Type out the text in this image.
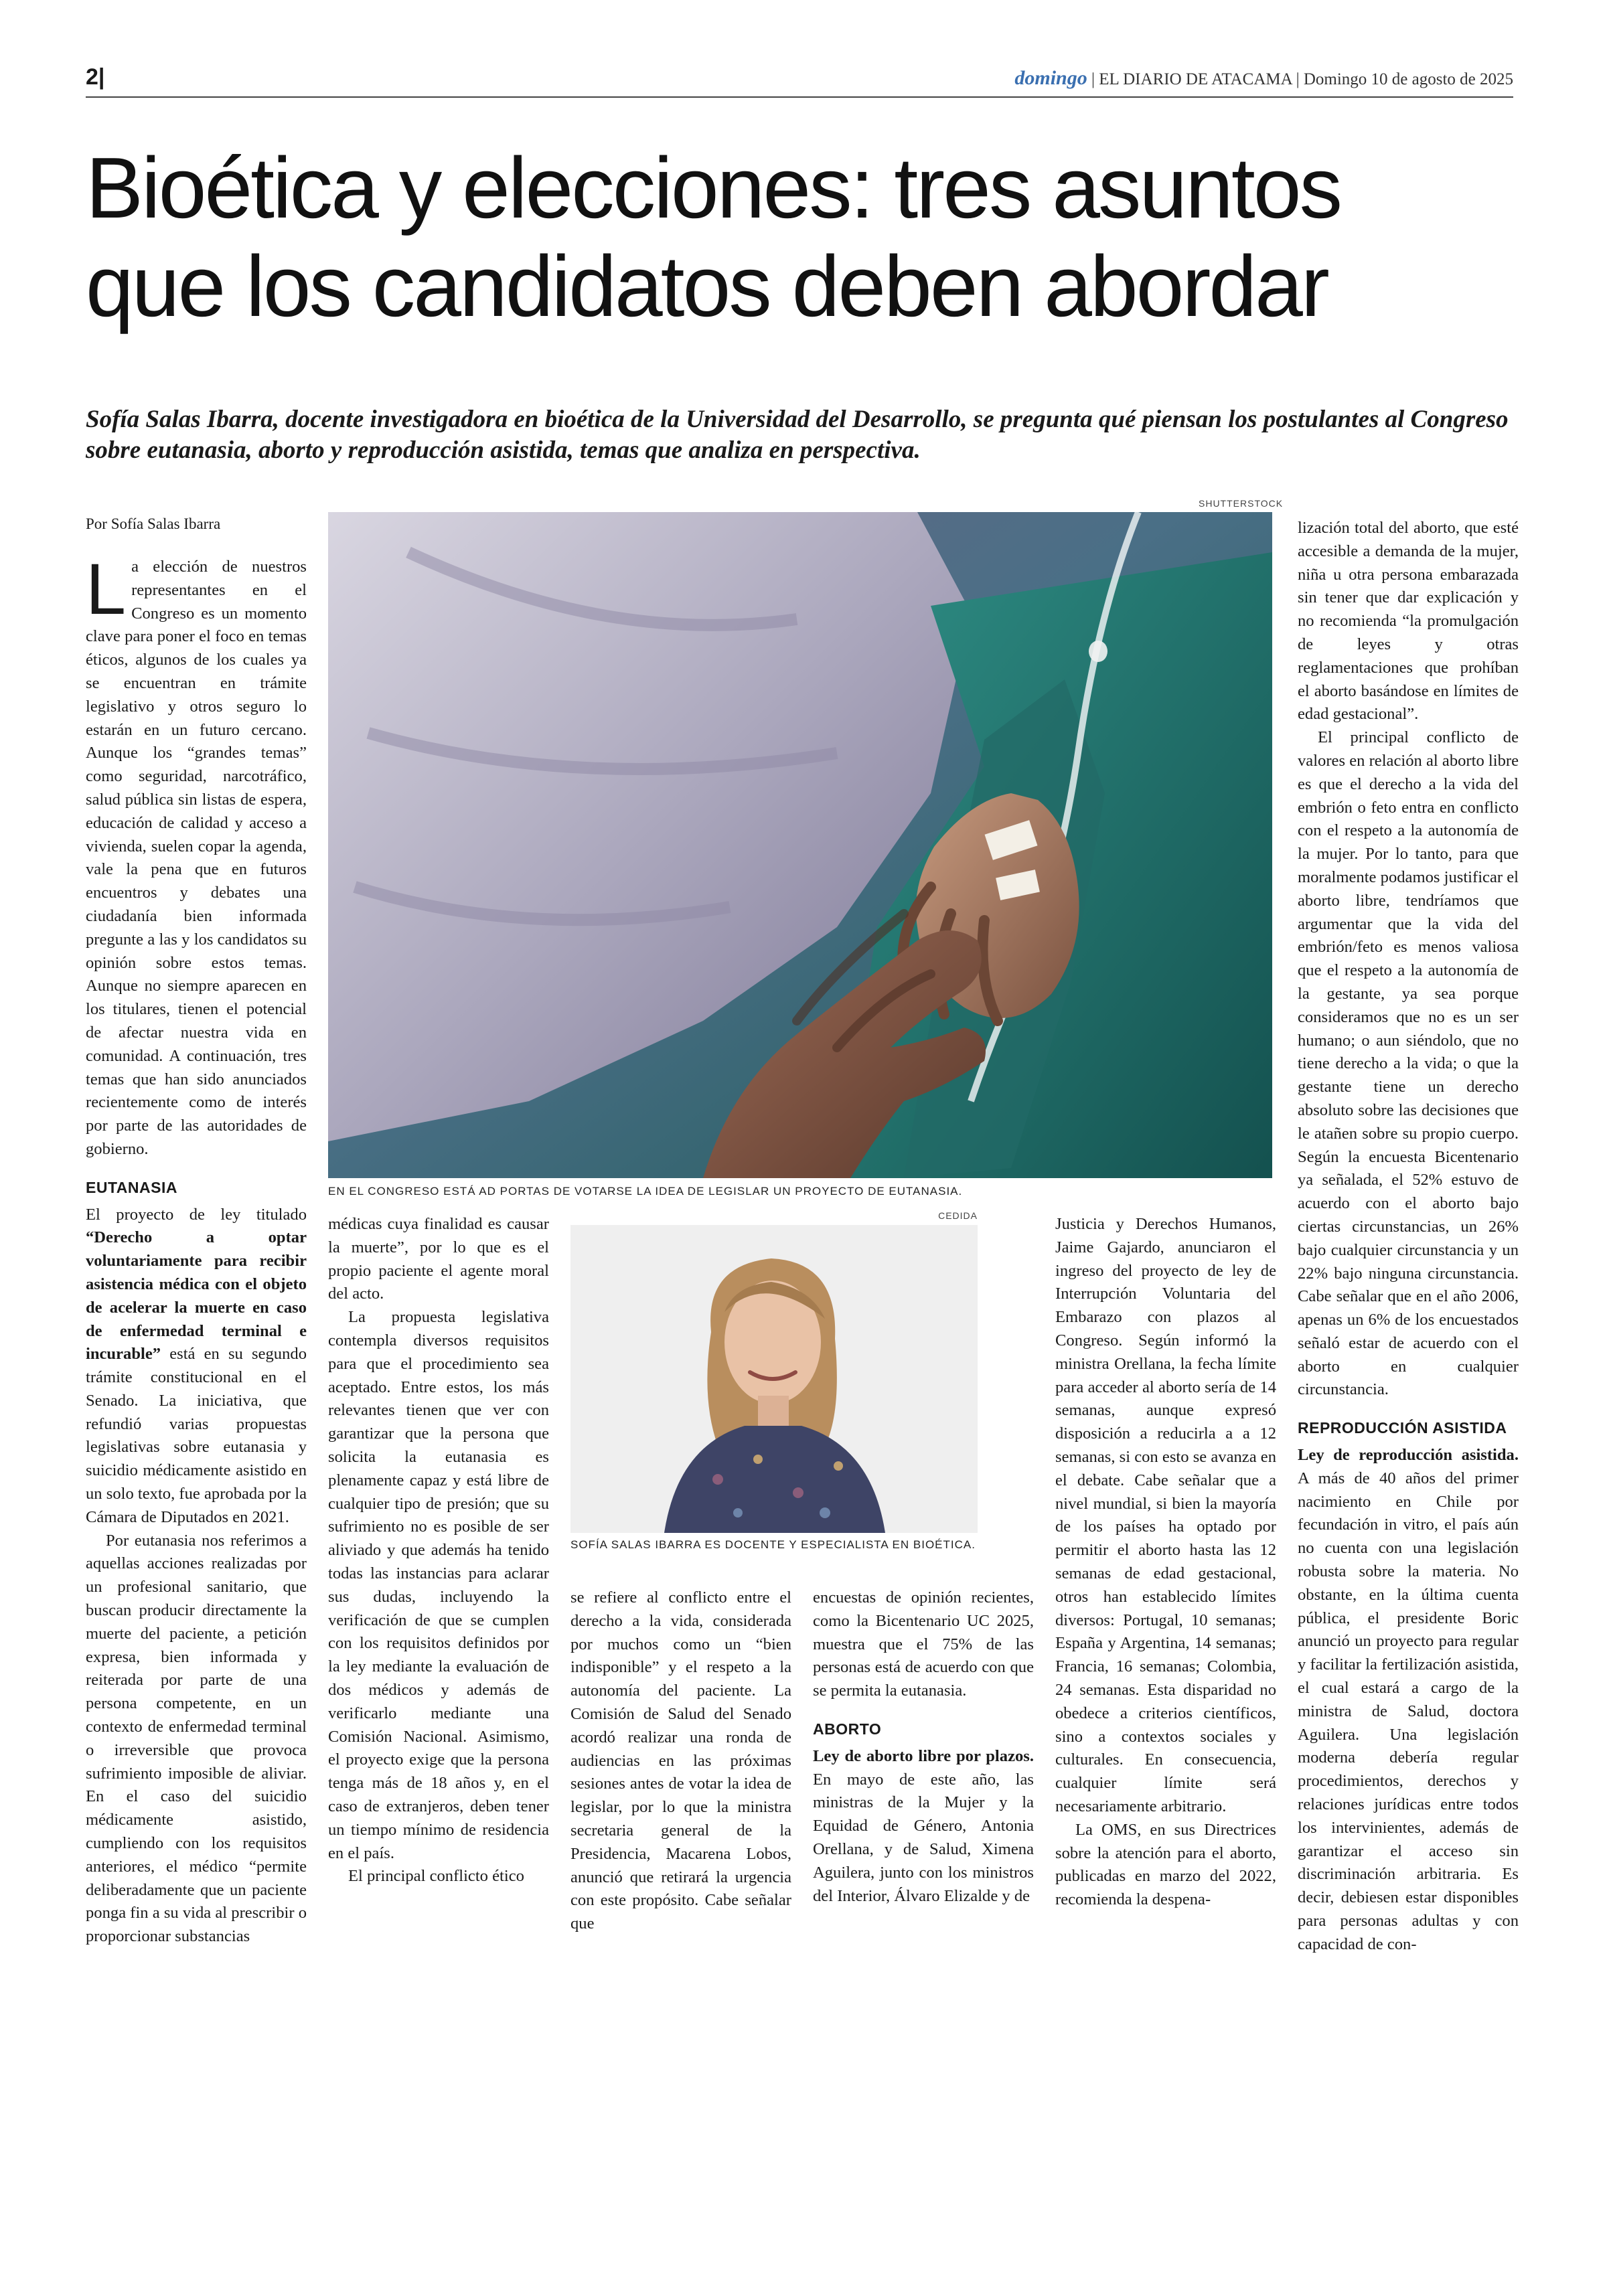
2|	domingo | EL DIARIO DE ATACAMA | Domingo 10 de agosto de 2025
Bioética y elecciones: tres asuntos
que los candidatos deben abordar

Sofía Salas Ibarra, docente investigadora en bioética de la Universidad del Desarrollo, se pregunta qué piensan los postulantes al Congreso sobre eutanasia, aborto y reproducción asistida, temas que analiza en perspectiva.

Por Sofía Salas Ibarra
SHUTTERSTOCK
EN EL CONGRESO ESTÁ AD PORTAS DE VOTARSE LA IDEA DE LEGISLAR UN PROYECTO DE EUTANASIA.
CEDIDA
SOFÍA SALAS IBARRA ES DOCENTE Y ESPECIALISTA EN BIOÉTICA.

La elección de nuestros representantes en el Congreso es un momento clave para poner el foco en temas éticos, algunos de los cuales ya se encuentran en trámite legislativo y otros seguro lo estarán en un futuro cercano. Aunque los “grandes temas” como seguridad, narcotráfico, salud pública sin listas de espera, educación de calidad y acceso a vivienda, suelen copar la agenda, vale la pena que en futuros encuentros y debates una ciudadanía bien informada pregunte a las y los candidatos su opinión sobre estos temas. Aunque no siempre aparecen en los titulares, tienen el potencial de afectar nuestra vida en comunidad. A continuación, tres temas que han sido anunciados recientemente como de interés por parte de las autoridades de gobierno.

EUTANASIA

El proyecto de ley titulado “Derecho a optar voluntariamente para recibir asistencia médica con el objeto de acelerar la muerte en caso de enfermedad terminal e incurable” está en su segundo trámite constitucional en el Senado. La iniciativa, que refundió varias propuestas legislativas sobre eutanasia y suicidio médicamente asistido en un solo texto, fue aprobada por la Cámara de Diputados en 2021.

Por eutanasia nos referimos a aquellas acciones realizadas por un profesional sanitario, que buscan producir directamente la muerte del paciente, a petición expresa, bien informada y reiterada por parte de una persona competente, en un contexto de enfermedad terminal o irreversible que provoca sufrimiento imposible de aliviar. En el caso del suicidio médicamente asistido, cumpliendo con los requisitos anteriores, el médico “permite deliberadamente que un paciente ponga fin a su vida al prescribir o proporcionar substancias

médicas cuya finalidad es causar la muerte”, por lo que es el propio paciente el agente moral del acto.

La propuesta legislativa contempla diversos requisitos para que el procedimiento sea aceptado. Entre estos, los más relevantes tienen que ver con garantizar que la persona que solicita la eutanasia es plenamente capaz y está libre de cualquier tipo de presión; que su sufrimiento no es posible de ser aliviado y que además ha tenido todas las instancias para aclarar sus dudas, incluyendo la verificación de que se cumplen con los requisitos definidos por la ley mediante la evaluación de dos médicos y además de verificarlo mediante una Comisión Nacional. Asimismo, el proyecto exige que la persona tenga más de 18 años y, en el caso de extranjeros, deben tener un tiempo mínimo de residencia en el país.

El principal conflicto ético

se refiere al conflicto entre el derecho a la vida, considerada por muchos como un “bien indisponible” y el respeto a la autonomía del paciente. La Comisión de Salud del Senado acordó realizar una ronda de audiencias en las próximas sesiones antes de votar la idea de legislar, por lo que la ministra secretaria general de la Presidencia, Macarena Lobos, anunció que retirará la urgencia con este propósito. Cabe señalar que

encuestas de opinión recientes, como la Bicentenario UC 2025, muestra que el 75% de las personas está de acuerdo con que se permita la eutanasia.

ABORTO

Ley de aborto libre por plazos. En mayo de este año, las ministras de la Mujer y la Equidad de Género, Antonia Orellana, y de Salud, Ximena Aguilera, junto con los ministros del Interior, Álvaro Elizalde y de

Justicia y Derechos Humanos, Jaime Gajardo, anunciaron el ingreso del proyecto de ley de Interrupción Voluntaria del Embarazo con plazos al Congreso. Según informó la ministra Orellana, la fecha límite para acceder al aborto sería de 14 semanas, aunque expresó disposición a reducirla a a 12 semanas, si con esto se avanza en el debate. Cabe señalar que a nivel mundial, si bien la mayoría de los países ha optado por permitir el aborto hasta las 12 semanas de edad gestacional, otros han establecido límites diversos: Portugal, 10 semanas; España y Argentina, 14 semanas; Francia, 16 semanas; Colombia, 24 semanas. Esta disparidad no obedece a criterios científicos, sino a contextos sociales y culturales. En consecuencia, cualquier límite será necesariamente arbitrario.

La OMS, en sus Directrices sobre la atención para el aborto, publicadas en marzo del 2022, recomienda la despena-

lización total del aborto, que esté accesible a demanda de la mujer, niña u otra persona embarazada sin tener que dar explicación y no recomienda “la promulgación de leyes y otras reglamentaciones que prohíban el aborto basándose en límites de edad gestacional”.

El principal conflicto de valores en relación al aborto libre es que el derecho a la vida del embrión o feto entra en conflicto con el respeto a la autonomía de la mujer. Por lo tanto, para que moralmente podamos justificar el aborto libre, tendríamos que argumentar que la vida del embrión/feto es menos valiosa que el respeto a la autonomía de la gestante, ya sea porque consideramos que no es un ser humano; o aun siéndolo, que no tiene derecho a la vida; o que la gestante tiene un derecho absoluto sobre las decisiones que le atañen sobre su propio cuerpo. Según la encuesta Bicentenario ya señalada, el 52% estuvo de acuerdo con el aborto bajo ciertas circunstancias, un 26% bajo cualquier circunstancia y un 22% bajo ninguna circunstancia. Cabe señalar que en el año 2006, apenas un 6% de los encuestados señaló estar de acuerdo con el aborto en cualquier circunstancia.

REPRODUCCIÓN ASISTIDA

Ley de reproducción asistida. A más de 40 años del primer nacimiento en Chile por fecundación in vitro, el país aún no cuenta con una legislación robusta sobre la materia. No obstante, en la última cuenta pública, el presidente Boric anunció un proyecto para regular y facilitar la fertilización asistida, el cual estará a cargo de la ministra de Salud, doctora Aguilera. Una legislación moderna debería regular procedimientos, derechos y relaciones jurídicas entre todos los intervinientes, además de garantizar el acceso sin discriminación arbitraria. Es decir, debiesen estar disponibles para personas adultas y con capacidad de con-
